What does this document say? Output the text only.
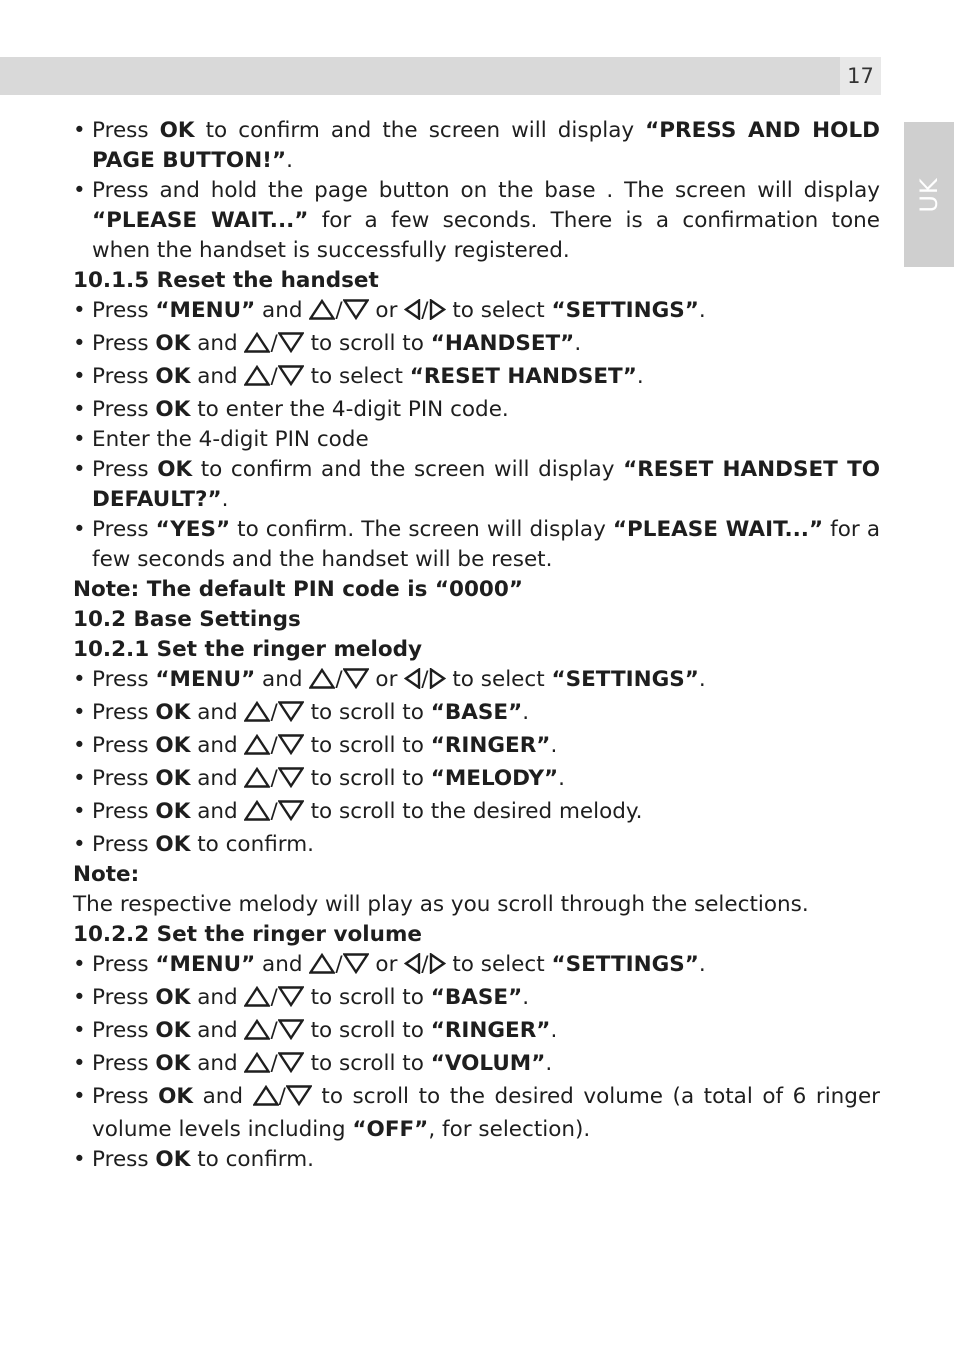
17
UK

• Press OK to confirm and the screen will display “PRESS AND HOLD PAGE BUTTON!”.

• Press and hold the page button on the base . The screen will display “PLEASE WAIT...” for a few seconds. There is a confirmation tone when the handset is successfully registered.

10.1.5 Reset the handset

• Press “MENU” and / or / to select “SETTINGS”.

• Press OK and / to scroll to “HANDSET”.

• Press OK and / to select “RESET HANDSET”.

• Press OK to enter the 4-digit PIN code.

• Enter the 4-digit PIN code

• Press OK to confirm and the screen will display “RESET HANDSET TO DEFAULT?”.

• Press “YES” to confirm. The screen will display “PLEASE WAIT...” for a few seconds and the handset will be reset.

Note: The default PIN code is “0000”

10.2 Base Settings

10.2.1 Set the ringer melody

• Press “MENU” and / or / to select “SETTINGS”.

• Press OK and / to scroll to “BASE”.

• Press OK and / to scroll to “RINGER”.

• Press OK and / to scroll to “MELODY”.

• Press OK and / to scroll to the desired melody.

• Press OK to confirm.

Note:

The respective melody will play as you scroll through the selections.

10.2.2 Set the ringer volume

• Press “MENU” and / or / to select “SETTINGS”.

• Press OK and / to scroll to “BASE”.

• Press OK and / to scroll to “RINGER”.

• Press OK and / to scroll to “VOLUM”.

• Press OK and / to scroll to the desired volume (a total of 6 ringer volume levels including “OFF”, for selection).

• Press OK to confirm.
